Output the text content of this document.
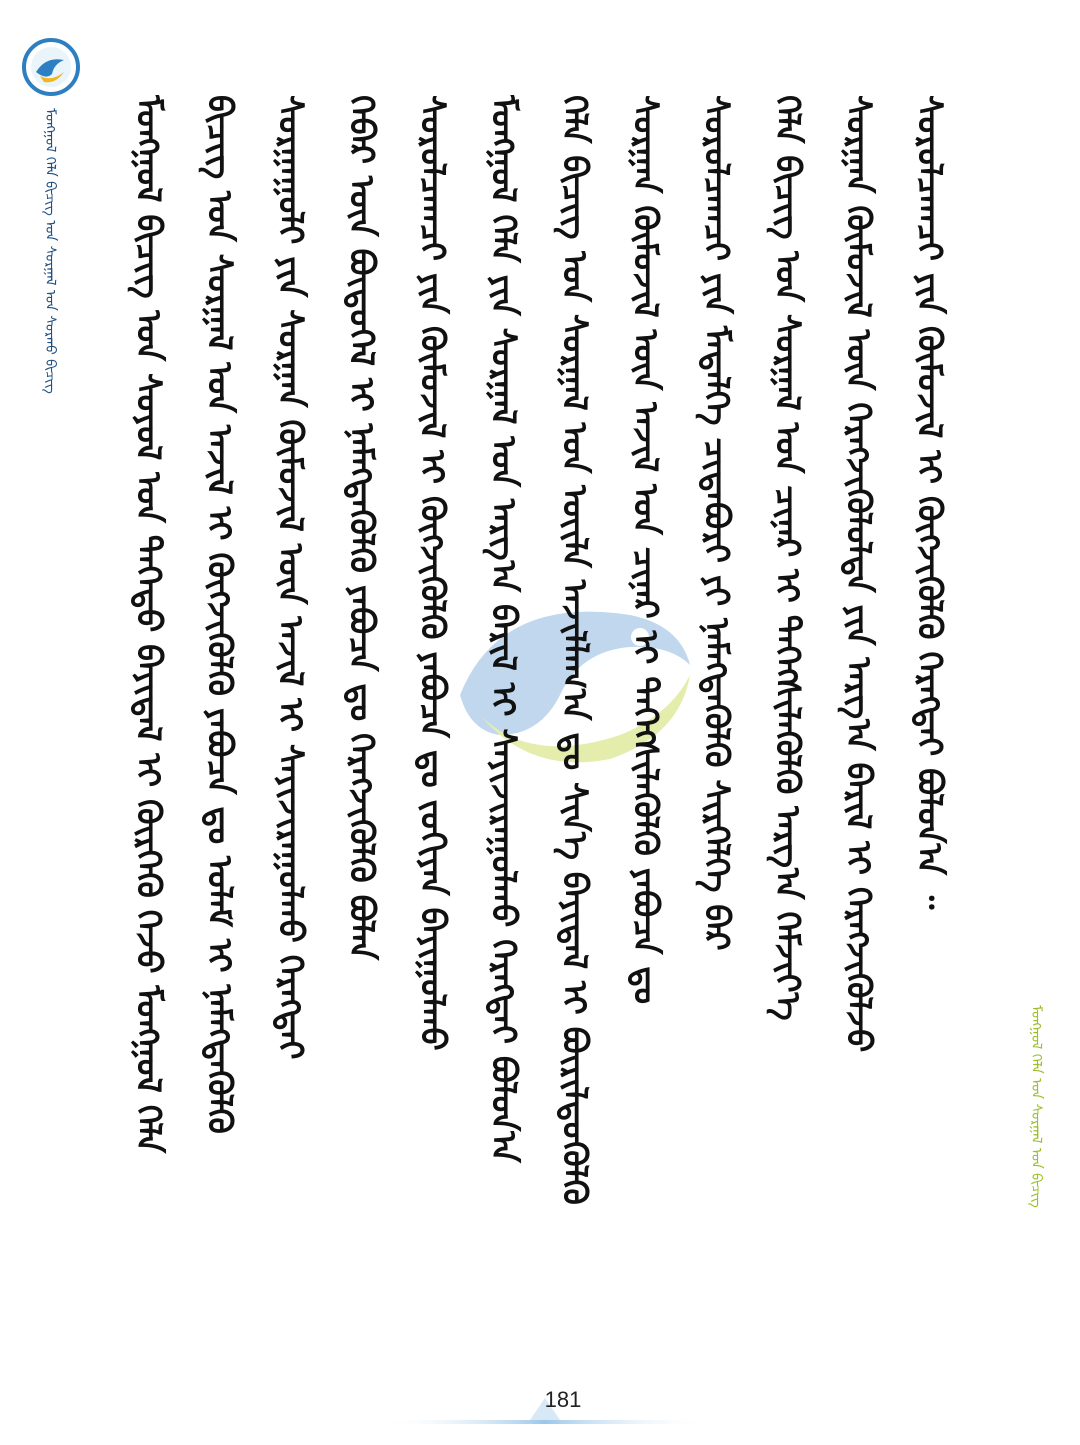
ᠮᠣᠩᠭᠣᠯ ᠬᠡᠯᠡ ᠪᠢᠴᠢᠭ᠌ ᠤᠨ ᠰᠤᠷᠭᠠᠯ ᠤᠨ ᠰᠤᠷᠬᠤ ᠪᠢᠴᠢᠭ᠌
ᠮᠣᠩᠭᠣᠯ ᠬᠡᠯᠡ ᠤᠨ ᠰᠤᠷᠭᠠᠯ ᠤᠨ ᠪᠢᠴᠢᠭ᠌
ᠮᠣᠩᠭᠣᠯ ᠪᠢᠴᠢᠭ᠌ ᠤᠨ ᠰᠣᠶᠣᠯ ᠤᠨ ᠳᠡᠭᠡᠳᠦ ᠪᠠᠶᠢᠳᠠᠯ ᠢ ᠬᠦᠷᠭᠡᠬᠦ ᠭᠡᠵᠦ ᠮᠣᠩᠭᠣᠯ ᠬᠡᠯᠡ ᠪᠢᠴᠢᠭ᠌ ᠤᠨ ᠰᠤᠷᠭᠠᠯ ᠤᠨ ᠠᠵᠢᠯ ᠢ ᠬᠥᠭᠵᠢᠭᠦᠯᠬᠦ ᠶᠠᠪᠤᠴᠠ ᠳᠤ ᠤᠯᠠᠮ ᠢ ᠨᠡᠮᠡᠭᠳᠡᠭᠦᠯᠬᠦ ᠰᠤᠷᠭᠠᠭᠤᠯᠢ ᠶᠢᠨ ᠰᠤᠷᠭᠠᠨ ᠬᠦᠮᠦᠵᠢᠯ ᠦᠨ ᠠᠵᠢᠯ ᠢ ᠰᠠᠶᠢᠵᠢᠷᠠᠭᠤᠯᠬᠤ ᠬᠡᠷᠡᠭᠳᠡᠢ ᠬᠡᠪᠡᠷ ᠦᠨ ᠪᠦᠲᠦᠭᠡᠯ ᠢ ᠨᠡᠮᠡᠭᠳᠡᠭᠦᠯᠬᠦ ᠶᠠᠪᠤᠴᠠ ᠳᠤ ᠬᠡᠷᠡᠭᠵᠢᠭᠦᠯᠬᠦ ᠪᠣᠯᠠᠨ ᠰᠤᠷᠤᠯᠴᠠᠭᠴᠢ ᠶᠢᠨ ᠬᠦᠮᠦᠵᠢᠯ ᠢ ᠬᠥᠭᠵᠢᠭᠦᠯᠬᠦ ᠶᠠᠪᠤᠴᠠ ᠳᠤ ᠵᠣᠬᠢᠶᠠᠨ ᠪᠠᠶᠢᠭᠤᠯᠬᠤ ᠮᠣᠩᠭᠣᠯ ᠬᠡᠯᠡ ᠶᠢᠨ ᠰᠤᠷᠭᠠᠯ ᠤᠨ ᠠᠷᠭ᠎ᠠ ᠪᠠᠷᠢᠯ ᠢ ᠰᠠᠶᠢᠵᠢᠷᠠᠭᠤᠯᠬᠤ ᠬᠡᠷᠡᠭᠲᠡᠢ ᠪᠣᠯᠤᠨ᠎ᠠ ᠬᠡᠯᠡ ᠪᠢᠴᠢᠭ᠌ ᠤᠨ ᠰᠤᠷᠭᠠᠯ ᠤᠨ ᠦᠢᠯᠡ ᠠᠵᠢᠯᠯᠠᠭ᠎ᠠ ᠳᠤ ᠰᠢᠨ᠎ᠡ ᠪᠠᠶᠢᠳᠠᠯ ᠢ ᠪᠦᠷᠢᠯᠳᠦᠭᠦᠯᠬᠦ ᠰᠤᠷᠭᠠᠨ ᠬᠦᠮᠦᠵᠢᠯ ᠦᠨ ᠠᠵᠢᠯ ᠤᠨ ᠴᠢᠨᠠᠷ ᠢ ᠳᠡᠭᠡᠭᠰᠢᠯᠡᠭᠦᠯᠬᠦ ᠶᠠᠪᠤᠴᠠ ᠳᠤ ᠰᠤᠷᠤᠯᠴᠠᠭᠴᠢ ᠶᠢᠨ ᠮᠡᠳᠡᠯᠭᠡ ᠴᠢᠳᠠᠪᠤᠷᠢ ᠶᠢ ᠨᠡᠮᠡᠭᠳᠡᠭᠦᠯᠬᠦ ᠰᠢᠷᠬᠡᠯᠭᠡ ᠪᠡᠷ ᠬᠡᠯᠡ ᠪᠢᠴᠢᠭ᠌ ᠤᠨ ᠰᠤᠷᠭᠠᠯ ᠤᠨ ᠴᠢᠨᠠᠷ ᠢ ᠳᠡᠭᠡᠭᠰᠢᠯᠡᠭᠦᠯᠬᠦ ᠠᠷᠭ᠎ᠠ ᠬᠡᠮᠵᠢᠶ᠎ᠡ ᠰᠤᠷᠭᠠᠨ ᠬᠦᠮᠦᠵᠢᠯ ᠦᠨ ᠬᠡᠷᠡᠭᠵᠢᠭᠦᠯᠦᠯᠲᠡ ᠶᠢᠨ ᠠᠷᠭ᠎ᠠ ᠪᠠᠷᠢᠯ ᠢ ᠬᠡᠷᠡᠭᠵᠢᠭᠦᠯᠵᠦ ᠰᠤᠷᠤᠯᠴᠠᠭᠴᠢ ᠶᠢᠨ ᠬᠦᠮᠦᠵᠢᠯ ᠢ ᠬᠥᠭᠵᠢᠭᠦᠯᠬᠦ ᠬᠡᠷᠡᠭᠲᠡᠢ ᠪᠣᠯᠤᠨ᠎ᠠ ᠃
181
